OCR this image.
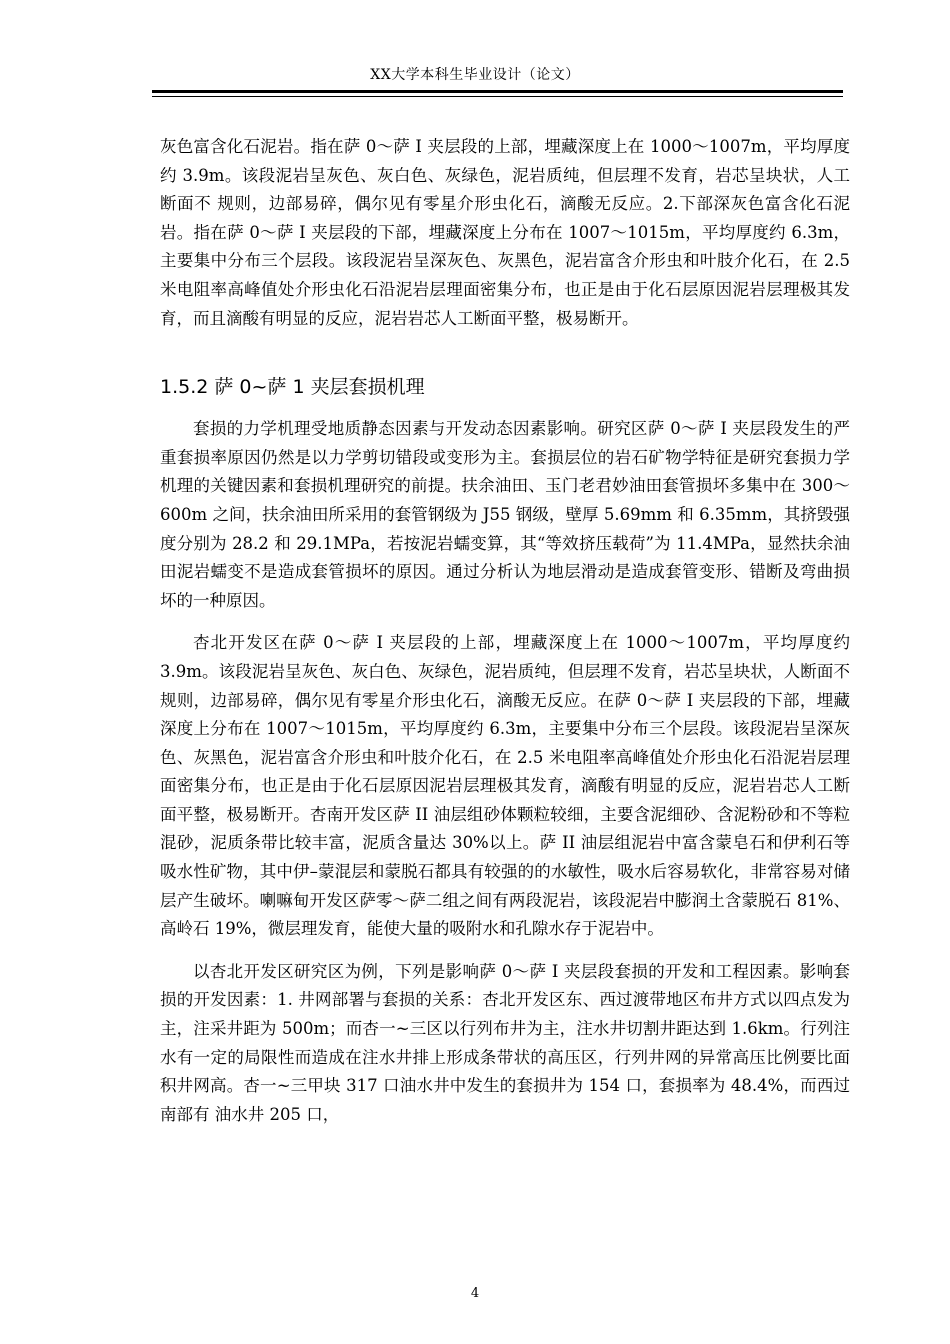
XX大学本科生毕业设计（论文）

灰色富含化石泥岩。指在萨 0～萨 I 夹层段的上部，埋藏深度上在 1000～1007m，平均厚度约 3.9m。该段泥岩呈灰色、灰白色、灰绿色，泥岩质纯，但层理不发育，岩芯呈块状，人工断面不 规则，边部易碎，偶尔见有零星介形虫化石，滴酸无反应。2.下部深灰色富含化石泥岩。指在萨 0～萨 I 夹层段的下部，埋藏深度上分布在 1007～1015m，平均厚度约 6.3m，主要集中分布三个层段。该段泥岩呈深灰色、灰黑色，泥岩富含介形虫和叶肢介化石，在 2.5 米电阻率高峰值处介形虫化石沿泥岩层理面密集分布，也正是由于化石层原因泥岩层理极其发育，而且滴酸有明显的反应，泥岩岩芯人工断面平整，极易断开。

1.5.2 萨 0~萨 1 夹层套损机理

套损的力学机理受地质静态因素与开发动态因素影响。研究区萨 0～萨 I 夹层段发生的严重套损率原因仍然是以力学剪切错段或变形为主。套损层位的岩石矿物学特征是研究套损力学机理的关键因素和套损机理研究的前提。扶余油田、玉门老君妙油田套管损坏多集中在 300～600m 之间，扶余油田所采用的套管钢级为 J55 钢级，壁厚 5.69mm 和 6.35mm，其挤毁强度分别为 28.2 和 29.1MPa，若按泥岩蠕变算，其“等效挤压载荷”为 11.4MPa，显然扶余油田泥岩蠕变不是造成套管损坏的原因。通过分析认为地层滑动是造成套管变形、错断及弯曲损坏的一种原因。

杏北开发区在萨 0～萨 I 夹层段的上部，埋藏深度上在 1000～1007m，平均厚度约 3.9m。该段泥岩呈灰色、灰白色、灰绿色，泥岩质纯，但层理不发育，岩芯呈块状，人断面不规则，边部易碎，偶尔见有零星介形虫化石，滴酸无反应。在萨 0～萨 I 夹层段的下部，埋藏深度上分布在 1007～1015m，平均厚度约 6.3m，主要集中分布三个层段。该段泥岩呈深灰色、灰黑色，泥岩富含介形虫和叶肢介化石，在 2.5 米电阻率高峰值处介形虫化石沿泥岩层理面密集分布，也正是由于化石层原因泥岩层理极其发育，滴酸有明显的反应，泥岩岩芯人工断面平整，极易断开。杏南开发区萨 II 油层组砂体颗粒较细，主要含泥细砂、含泥粉砂和不等粒混砂，泥质条带比较丰富，泥质含量达 30%以上。萨 II 油层组泥岩中富含蒙皂石和伊利石等吸水性矿物，其中伊–蒙混层和蒙脱石都具有较强的的水敏性，吸水后容易软化，非常容易对储层产生破坏。喇嘛甸开发区萨零～萨二组之间有两段泥岩，该段泥岩中膨润土含蒙脱石 81%、高岭石 19%，微层理发育，能使大量的吸附水和孔隙水存于泥岩中。

以杏北开发区研究区为例，下列是影响萨 0～萨 I 夹层段套损的开发和工程因素。影响套损的开发因素：1. 井网部署与套损的关系：杏北开发区东、西过渡带地区布井方式以四点发为主，注采井距为 500m；而杏一~三区以行列布井为主，注水井切割井距达到 1.6km。行列注水有一定的局限性而造成在注水井排上形成条带状的高压区，行列井网的异常高压比例要比面积井网高。杏一~三甲块 317 口油水井中发生的套损井为 154 口，套损率为 48.4%，而西过南部有 油水井 205 口，

4
